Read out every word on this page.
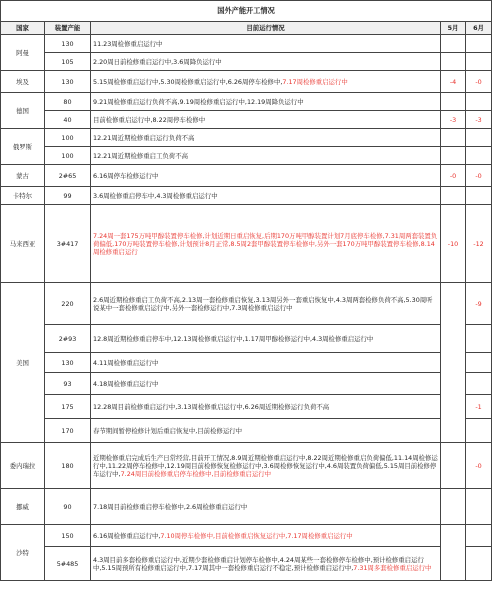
国外产能开工情况				
国家	装置产能	目前运行情况	5月	6月
阿曼	130	11.23周检修重启运行中		
	105	2.20周日前检修重启运行中,3.6周降负运行中		
埃及	130	5.15周检修重启运行中,5.30周检修重启运行中,6.26周停车检修中,7.17周检修重启运行中	-4	-0
德国	80	9.21周检修重启运行负荷不高,9.19周检修重启运行中,12.19周降负运行中		
	40	目前检修重启运行中,8.22周停车检修中	-3	-3
俄罗斯	100	12.21周近期检修重启运行负荷不高		
	100	12.21周近期检修重启工负荷不高		
蒙古	2#65	6.16周停车检修运行中	-0	-0
卡特尔	99	3.6周检修重启停车中,4.3周检修重启运行中		
马来西亚	3#417	7.24周一套175万吨甲醇装置停车检修,计划近期日重启恢复,后期170万吨甲醇装置计划7月底停车检修,7.31周两套装置负荷偏低,170万吨装置停车检修,计划预计8月正常,8.5周2套甲醇装置停车检修中,另外一套170万吨甲醇装置停车检修,8.14周检修重启运行	-10	-12
美国	220	2.6周近期检修重启工负荷不高,2.13周一套检修重启恢复,3.13周另外一套重启恢复中,4.3周两套检修负荷不高,5.30周听说某中一套检修重启运行中,另外一套检修运行中,7.3周检修重启运行中		-9
	2#93	12.8周近期检修重启停车中,12.13周检修重启运行中,1.17周甲醇检修运行中,4.3周检修重启运行中		
	130	4.11周检修重启运行中		
	93	4.18周检修重启运行中		
	175	12.28周目前检修重启运行中,3.13周检修重启运行中,6.26周近期检修运行负荷不高		-1
	170	春节期间暂停检修计划后重启恢复中,目前检修运行中		
委内瑞拉	180	近期检修重启完成后生产日常经营,目前开工情况,8.9周近期检修重启运行中,8.22周近期检修重启负荷偏低,11.14周检修运行中,11.22周停车检修中,12.19周目前检修恢复检修运行中,3.6周检修恢复运行中,4.6周装置负荷偏低,5.15周目前检修停车运行中,7.24周目前检修重启停车检修中,目前检修重启运行中		-0
挪威	90	7.18周目前检修重启停车检修中,2.6周检修重启运行中		
沙特	150	6.16周检修重启运行中,7.10周停车检修中,目前检修重启恢复运行中,7.17周检修重启运行中		
	5#485	4.3周目前多套检修重启运行中,近期少套检修重启计划停车检修中,4.24周某些一套检修停车检修中,预计检修重启运行中,5.15周预所有检修重启运行中,7.17周其中一套检修重启运行不稳定,预计检修重启运行中,7.31周多套检修重启运行中		
